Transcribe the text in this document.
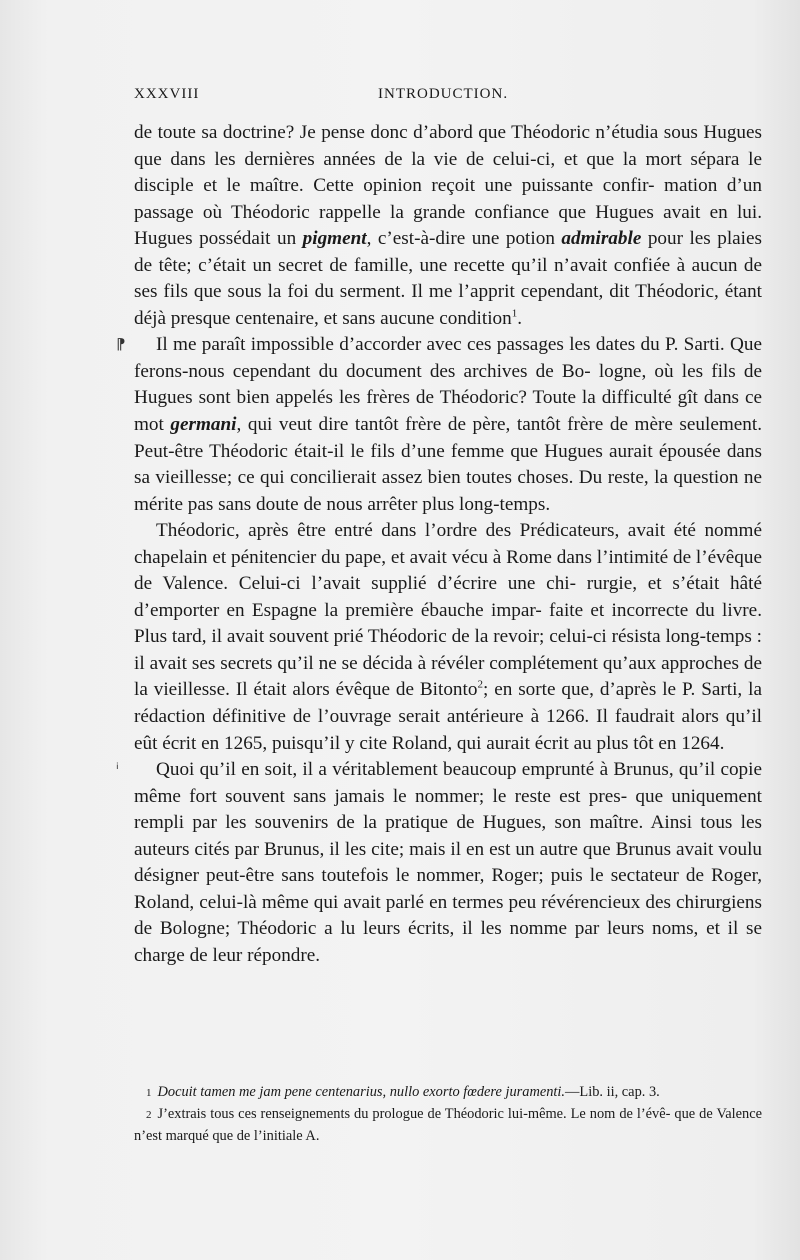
XXXVIII	INTRODUCTION.

de toute sa doctrine? Je pense donc d’abord que Théodoric n’étudia sous Hugues que dans les dernières années de la vie de celui-ci, et que la mort sépara le disciple et le maître. Cette opinion reçoit une puissante confir- mation d’un passage où Théodoric rappelle la grande confiance que Hugues avait en lui. Hugues possédait un pigment, c’est-à-dire une potion admirable pour les plaies de tête; c’était un secret de famille, une recette qu’il n’avait confiée à aucun de ses fils que sous la foi du serment. Il me l’apprit cependant, dit Théodoric, étant déjà presque centenaire, et sans aucune condition$^1$.

⁋	Il me paraît impossible d’accorder avec ces passages les dates du P. Sarti. Que ferons-nous cependant du document des archives de Bo- logne, où les fils de Hugues sont bien appelés les frères de Théodoric? Toute la difficulté gît dans ce mot germani, qui veut dire tantôt frère de père, tantôt frère de mère seulement. Peut-être Théodoric était-il le fils d’une femme que Hugues aurait épousée dans sa vieillesse; ce qui concilierait assez bien toutes choses. Du reste, la question ne mérite pas sans doute de nous arrêter plus long-temps.

Théodoric, après être entré dans l’ordre des Prédicateurs, avait été nommé chapelain et pénitencier du pape, et avait vécu à Rome dans l’intimité de l’évêque de Valence. Celui-ci l’avait supplié d’écrire une chi- rurgie, et s’était hâté d’emporter en Espagne la première ébauche impar- faite et incorrecte du livre. Plus tard, il avait souvent prié Théodoric de la revoir; celui-ci résista long-temps : il avait ses secrets qu’il ne se décida à révéler complétement qu’aux approches de la vieillesse. Il était alors évêque de Bitonto$^2$; en sorte que, d’après le P. Sarti, la rédaction définitive de l’ouvrage serait antérieure à 1266. Il faudrait alors qu’il eût écrit en 1265, puisqu’il y cite Roland, qui aurait écrit au plus tôt en 1264.

ⁱ	Quoi qu’il en soit, il a véritablement beaucoup emprunté à Brunus, qu’il copie même fort souvent sans jamais le nommer; le reste est pres- que uniquement rempli par les souvenirs de la pratique de Hugues, son maître. Ainsi tous les auteurs cités par Brunus, il les cite; mais il en est un autre que Brunus avait voulu désigner peut-être sans toutefois le nommer, Roger; puis le sectateur de Roger, Roland, celui-là même qui avait parlé en termes peu révérencieux des chirurgiens de Bologne; Théodoric a lu leurs écrits, il les nomme par leurs noms, et il se charge de leur répondre.

1 Docuit tamen me jam pene centenarius, nullo exorto fœdere juramenti.—Lib. ii, cap. 3.

2 J’extrais tous ces renseignements du prologue de Théodoric lui-même. Le nom de l’évê- que de Valence n’est marqué que de l’initiale A.
